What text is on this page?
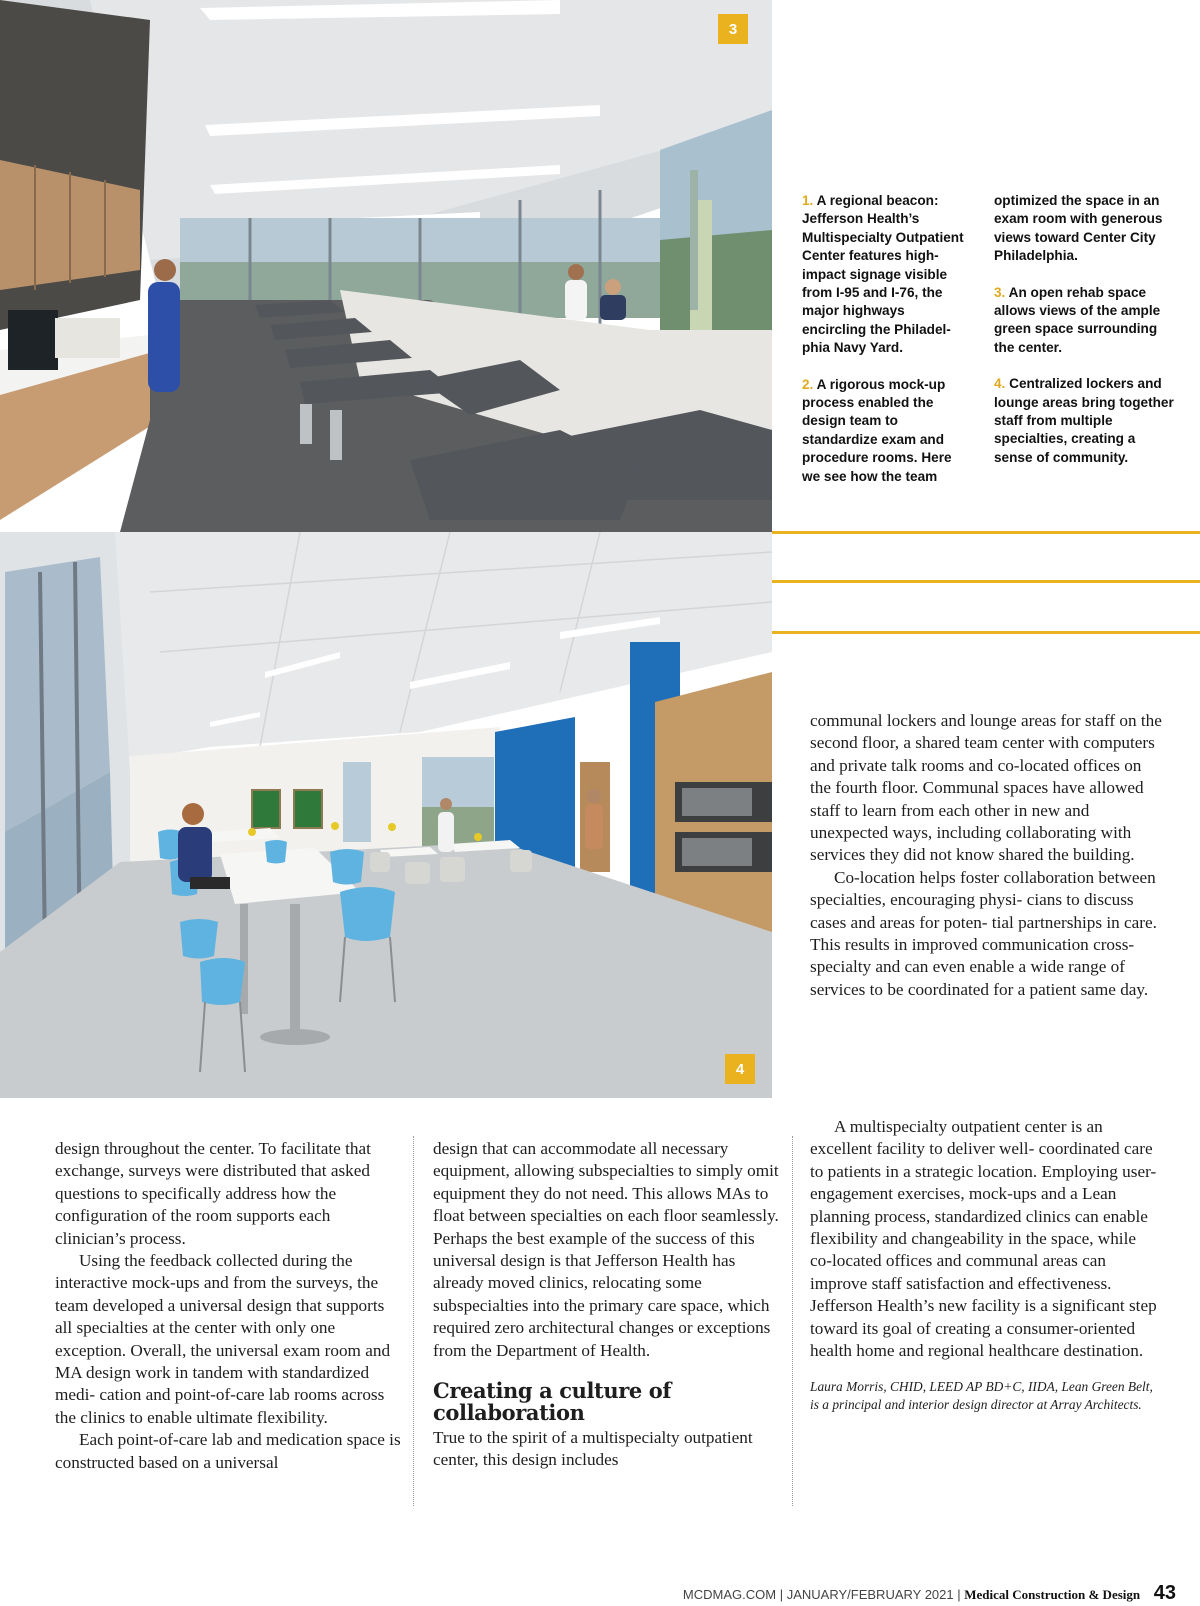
3
4

1. A regional beacon: Jefferson Health’s Multispecialty Outpatient Center features high-impact signage visible from I-95 and I-76, the major highways encircling the Philadel- phia Navy Yard.

2. A rigorous mock-up process enabled the design team to standardize exam and procedure rooms. Here we see how the team

optimized the space in an exam room with generous views toward Center City Philadelphia.

3. An open rehab space allows views of the ample green space surrounding the center.

4. Centralized lockers and lounge areas bring together staff from multiple specialties, creating a sense of community.

communal lockers and lounge areas for staff on the second floor, a shared team center with computers and private talk rooms and co-located offices on the fourth floor. Communal spaces have allowed staff to learn from each other in new and unexpected ways, including collaborating with services they did not know shared the building.

Co-location helps foster collaboration between specialties, encouraging physi- cians to discuss cases and areas for poten- tial partnerships in care. This results in improved communication cross-specialty and can even enable a wide range of services to be coordinated for a patient same day.

design throughout the center. To facilitate that exchange, surveys were distributed that asked questions to specifically address how the configuration of the room supports each clinician’s process.

Using the feedback collected during the interactive mock-ups and from the surveys, the team developed a universal design that supports all specialties at the center with only one exception. Overall, the universal exam room and MA design work in tandem with standardized medi- cation and point-of-care lab rooms across the clinics to enable ultimate flexibility.

Each point-of-care lab and medication space is constructed based on a universal

design that can accommodate all necessary equipment, allowing subspecialties to simply omit equipment they do not need. This allows MAs to float between specialties on each floor seamlessly. Perhaps the best example of the success of this universal design is that Jefferson Health has already moved clinics, relocating some subspecialties into the primary care space, which required zero architectural changes or exceptions from the Department of Health.

Creating a culture of collaboration

True to the spirit of a multispecialty outpatient center, this design includes

A multispecialty outpatient center is an excellent facility to deliver well- coordinated care to patients in a strategic location. Employing user-engagement exercises, mock-ups and a Lean planning process, standardized clinics can enable flexibility and changeability in the space, while co-located offices and communal areas can improve staff satisfaction and effectiveness. Jefferson Health’s new facility is a significant step toward its goal of creating a consumer-oriented health home and regional healthcare destination.

Laura Morris, CHID, LEED AP BD+C, IIDA, Lean Green Belt, is a principal and interior design director at Array Architects.

MCDMAG.COM | JANUARY/FEBRUARY 2021 | Medical Construction & Design 43
